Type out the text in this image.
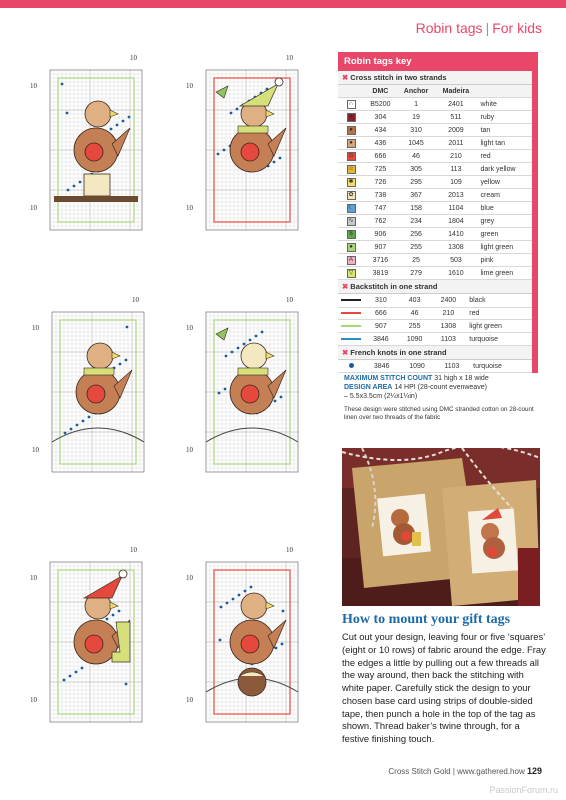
Robin tags | For kids
10
10
10
10
10
10
10
10
10
10
10
10
10
10
10
10
10
10
Robin tags key
✖ Cross stitch in two strands
	DMC	Anchor	Madeira	
∩	B5200	1	2401	white
♥	304	19	511	ruby
●	434	310	2009	tan
●	436	1045	2011	light tan
⊙	666	46	210	red
☆	725	305	113	dark yellow
✱	726	295	109	yellow
✿	738	367	2013	cream
☾	747	158	1104	blue
∿	762	234	1804	grey
$	906	256	1410	green
●	907	255	1308	light green
A	3716	25	503	pink
▽	3819	279	1610	lime green
✖ Backstitch in one strand
	310	403	2400	black
	666	46	210	red
	907	255	1308	light green
	3846	1090	1103	turquoise
✖ French knots in one strand
	3846	1090	1103	turquoise
MAXIMUM STITCH COUNT 31 high x 18 wide
DESIGN AREA 14 HPI (28-count evenweave)
– 5.5x3.5cm (2¼x1¼in)
These design were stitched using DMC stranded cotton on 28-count linen over two threads of the fabric
How to mount your gift tags
Cut out your design, leaving four or five ‘squares’ (eight or 10 rows) of fabric around the edge. Fray the edges a little by pulling out a few threads all the way around, then back the stitching with white paper. Carefully stick the design to your chosen base card using strips of double-sided tape, then punch a hole in the top of the tag as shown. Thread baker’s twine through, for a festive finishing touch.
Cross Stitch Gold | www.gathered.how 129
PassionForum.ru
